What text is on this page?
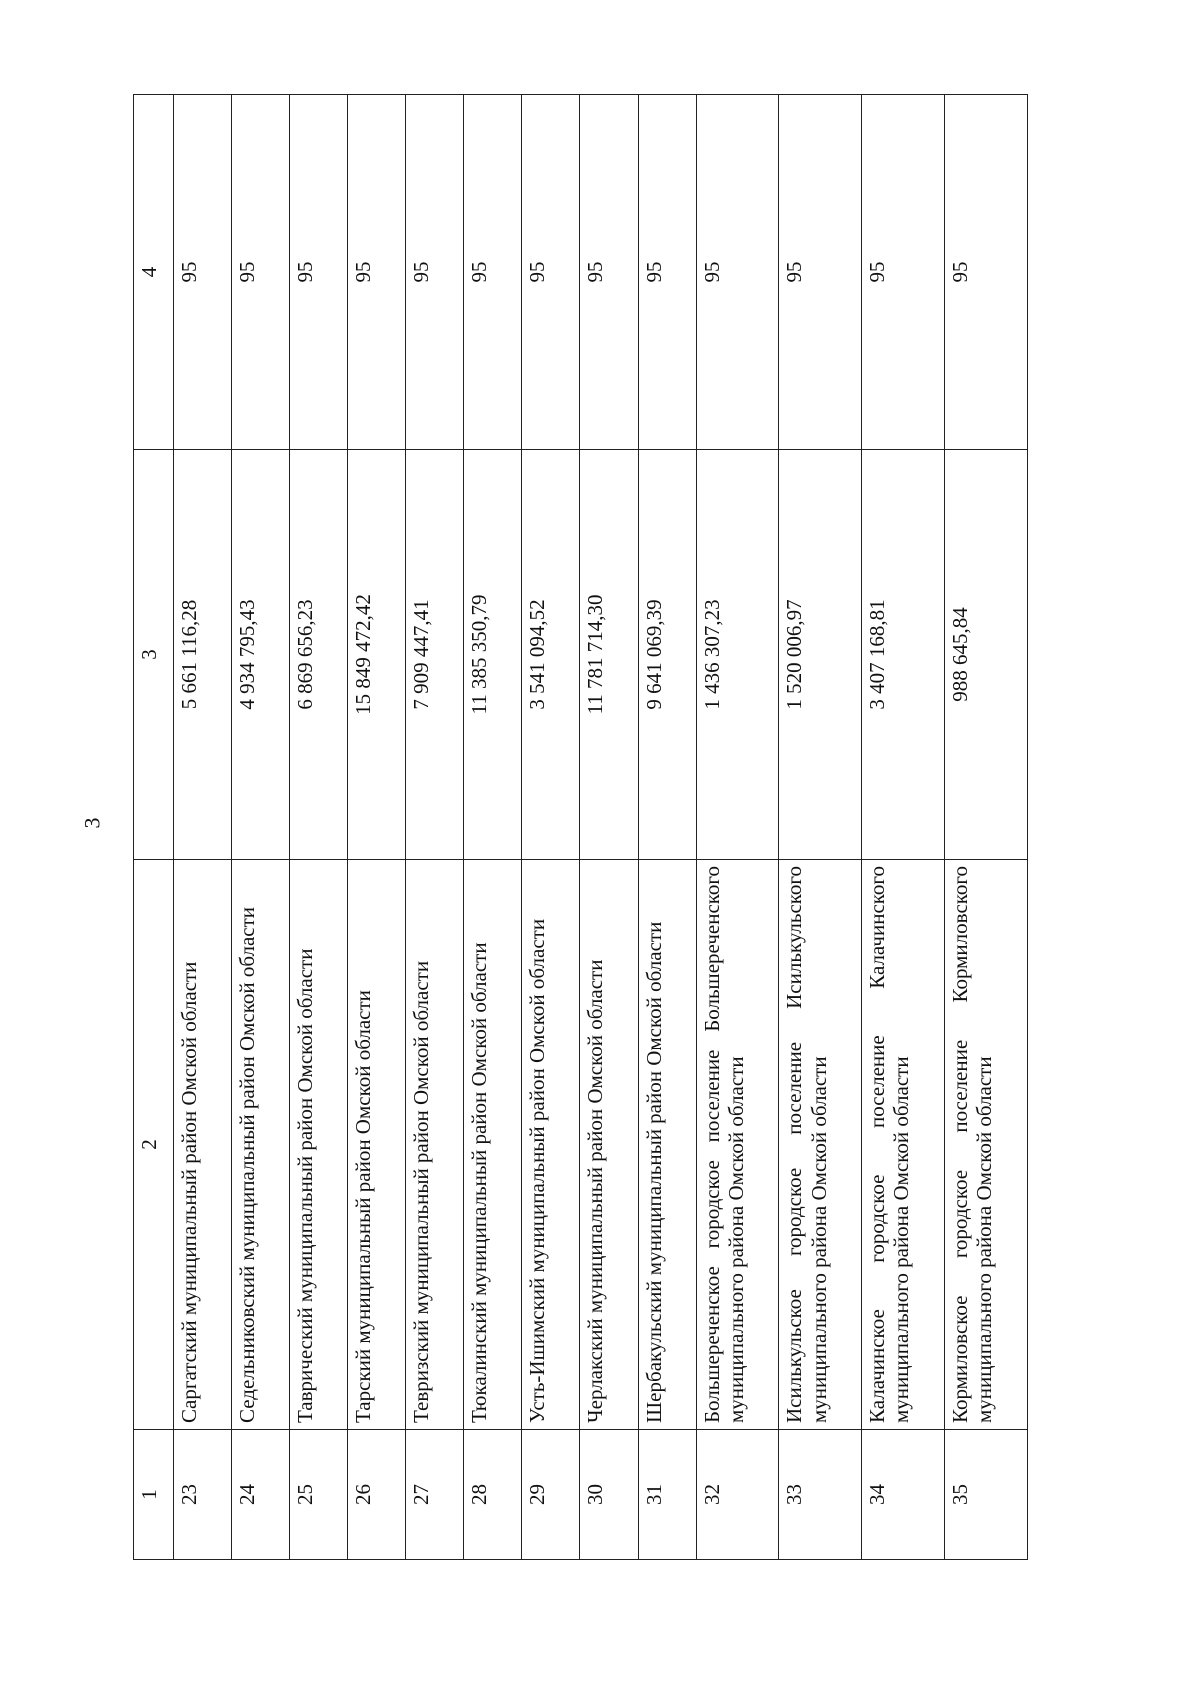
3
1	2	3	4
23	Саргатский муниципальный район Омской области	5 661 116,28	95
24	Седельниковский муниципальный район Омской области	4 934 795,43	95
25	Таврический муниципальный район Омской области	6 869 656,23	95
26	Тарский муниципальный район Омской области	15 849 472,42	95
27	Тевризский муниципальный район Омской области	7 909 447,41	95
28	Тюкалинский муниципальный район Омской области	11 385 350,79	95
29	Усть-Ишимский муниципальный район Омской области	3 541 094,52	95
30	Черлакский муниципальный район Омской области	11 781 714,30	95
31	Шербакульский муниципальный район Омской области	9 641 069,39	95
32	Большереченское городское поселение Большереченского муниципального района Омской области	1 436 307,23	95
33	Исилькульское городское поселение Исилькульского муниципального района Омской области	1 520 006,97	95
34	Калачинское городское поселение Калачинского муниципального района Омской области	3 407 168,81	95
35	Кормиловское городское поселение Кормиловского муниципального района Омской области	988 645,84	95
